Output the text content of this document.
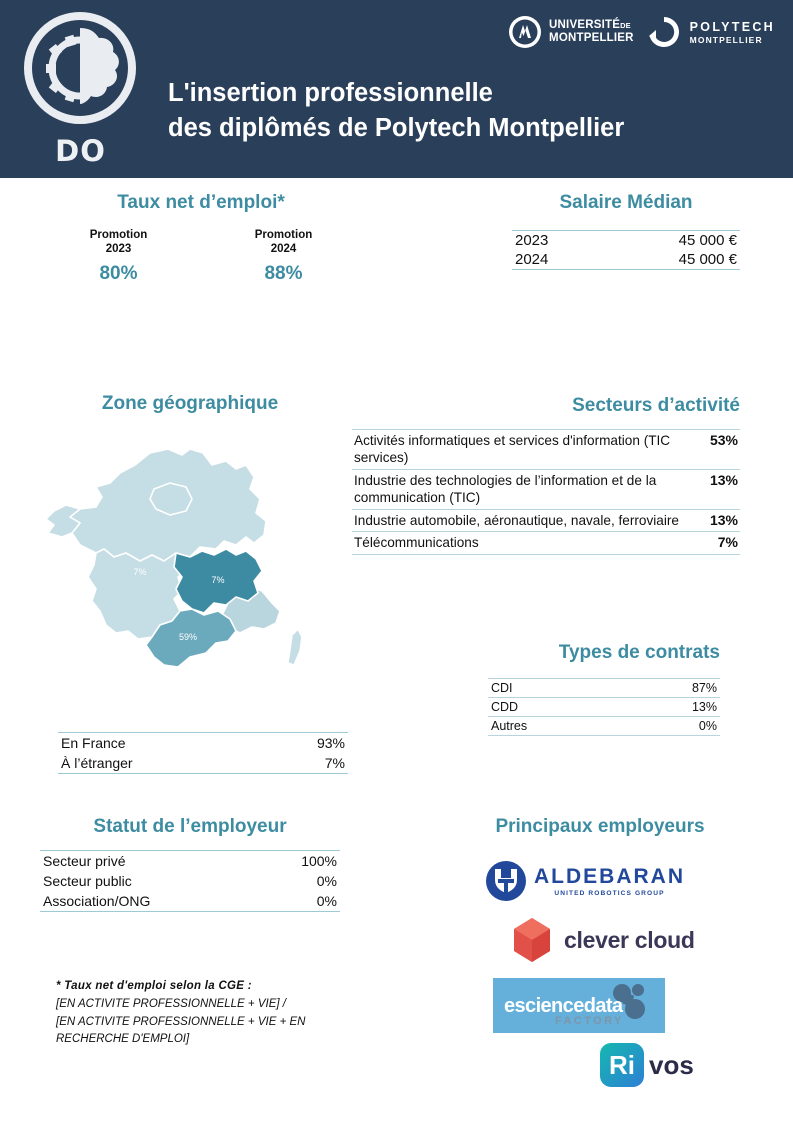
DO
L'insertion professionnelle
des diplômés de Polytech Montpellier
UNIVERSITÉDE
MONTPELLIER
POLYTECH
MONTPELLIER
Taux net d’emploi*
Promotion
2023
80%
Promotion
2024
88%
Salaire Médian
2023	45 000 €
2024	45 000 €
Zone géographique
7%
7%
59%
En France	93%
À l’étranger	7%
Secteurs d’activité
Activités informatiques et services d'information (TIC services)	53%
Industrie des technologies de l’information et de la communication (TIC)	13%
Industrie automobile, aéronautique, navale, ferroviaire	13%
Télécommunications	7%
Types de contrats
CDI	87%
CDD	13%
Autres	0%
Statut de l’employeur
Secteur privé	100%
Secteur public	0%
Association/ONG	0%
* Taux net d'emploi selon la CGE :
[EN ACTIVITE PROFESSIONNELLE + VIE] /
[EN ACTIVITE PROFESSIONNELLE + VIE + EN
RECHERCHE D'EMPLOI]
Principaux employeurs
ALDEBARAN
UNITED ROBOTICS GROUP
clever cloud
esciencedata
FACTORY
Ri vos
